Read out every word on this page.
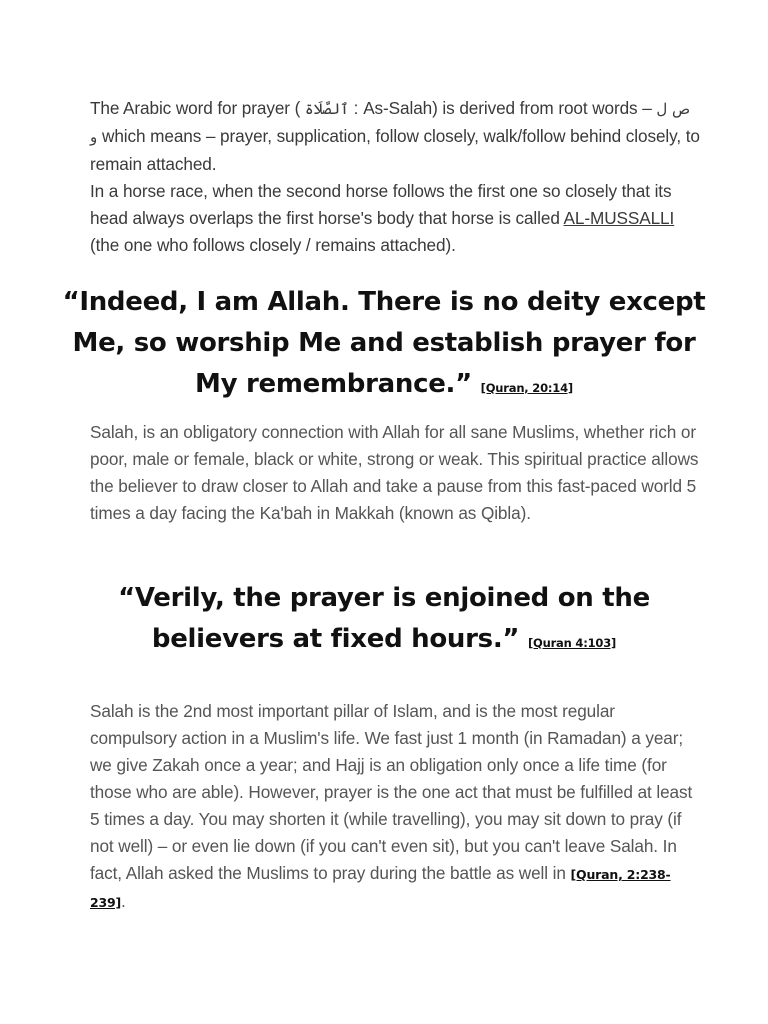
The Arabic word for prayer ( ٱلصَّلَاة : As-Salah) is derived from root words – ص ل و which means – prayer, supplication, follow closely, walk/follow behind closely, to remain attached.
In a horse race, when the second horse follows the first one so closely that its head always overlaps the first horse's body that horse is called AL-MUSSALLI (the one who follows closely / remains attached).
“Indeed, I am Allah. There is no deity except Me, so worship Me and establish prayer for My remembrance.” [Quran, 20:14]
Salah, is an obligatory connection with Allah for all sane Muslims, whether rich or poor, male or female, black or white, strong or weak. This spiritual practice allows the believer to draw closer to Allah and take a pause from this fast-paced world 5 times a day facing the Ka'bah in Makkah (known as Qibla).
“Verily, the prayer is enjoined on the believers at fixed hours.” [Quran 4:103]
Salah is the 2nd most important pillar of Islam, and is the most regular compulsory action in a Muslim's life. We fast just 1 month (in Ramadan) a year; we give Zakah once a year; and Hajj is an obligation only once a life time (for those who are able). However, prayer is the one act that must be fulfilled at least 5 times a day. You may shorten it (while travelling), you may sit down to pray (if not well) – or even lie down (if you can't even sit), but you can't leave Salah. In fact, Allah asked the Muslims to pray during the battle as well in [Quran, 2:238-239].
